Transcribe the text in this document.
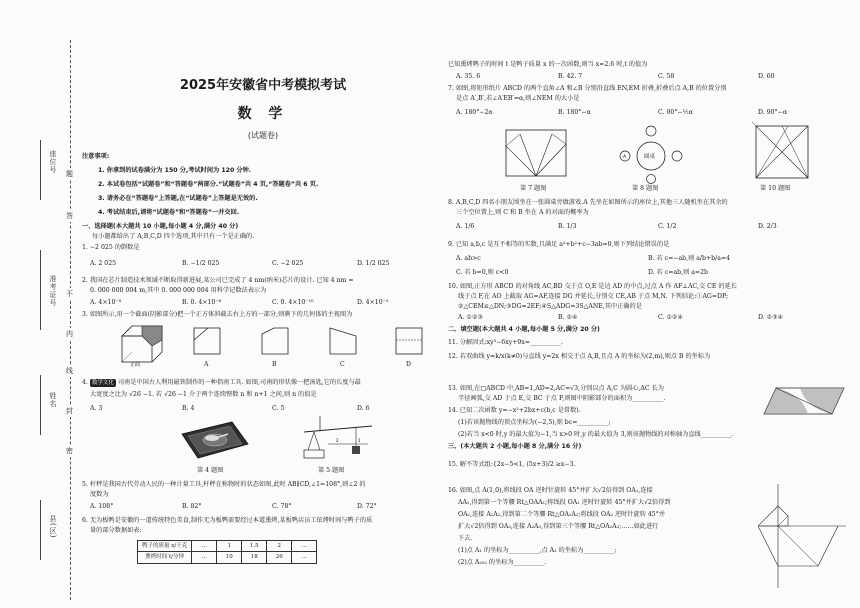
座位号
准考证号
姓名
县(区)
题
答
不
内
线
封
密
2025年安徽省中考模拟考试
数 学
(试题卷)
注意事项:
1. 你拿到的试卷满分为 150 分,考试时间为 120 分钟.
2. 本试卷包括“试题卷”和“答题卷”两部分.“试题卷”共 4 页,“答题卷”共 6 页.
3. 请务必在“答题卷”上答题,在“试题卷”上答题是无效的.
4. 考试结束后,请将“试题卷”和“答题卷”一并交回.
一、选择题(本大题共 10 小题,每小题 4 分,满分 40 分)
每小题都给出了 A,B,C,D 四个选项,其中只有一个是正确的.
1. −2 025 的倒数是
A. 2 025	B. −1/2 025	C. −2 025	D. 1/2 025
2. 我国在芯片制造技术领域不断取得新进展,某公司已完成了 4 nm(纳米)芯片的设计. 已知 4 nm =
0. 000 000 004 m,其中 0. 000 000 004 用科学记数法表示为
A. 4×10⁻⁸	B. 0. 4×10⁻⁸	C. 0. 4×10⁻¹⁰	D. 4×10⁻⁹
3. 如图所示,用一个截面(阴影部分)把一个正方体斜截去右上方的一部分,则剩下的几何体的主视图为
正面	A	B	C	D
4. 数学文化 司南是中国古人利用磁铁制作的一种指南工具. 如图,司南的形状像一把汤匙,它的长度与最
大宽度之比为 √26 −1. 若 √26 −1 介于两个连续整数 n 和 n+1 之间,则 n 的值是
A. 3	B. 4	C. 5	D. 6
第 4 题图
1
2
第 5 题图
5. 杆秤是我国古代劳动人民的一种计量工具,杆秤在称物时的状态如图,此时 AB∥CD,∠1=108°,则∠2 的
度数为
A. 108°	B. 82°	C. 78°	D. 72°
6. 无为板鸭是安徽的一道传统特色美食,制作无为板鸭需要经过本道熏烤,某板鸭店员工依烤时间与鸭子的质
量的部分数据如表:
鸭子的质量 x/千克	…	1	1.5	2	…
熏烤时间 t/分钟	…	10	18	26	…
已知熏烤鸭子的时间 t 是鸭子质量 x 的一次函数,则当 x=2.6 时,t 的值为
A. 35. 6	B. 42. 7	C. 58	D. 60
7. 如图,将矩形纸片 ABCD 的两个直角∠A 和∠B 分别沿直线 EN,EM 折叠,折叠后点 A,B 的位置分别
是点 A′,B′,若∠A′EB′=α,则∠NEM 的大小是
A. 180°−2α	B. 180°−α	C. 90°−½α	D. 90°−α
第 7 题图
A	圆桌
第 8 题图	第 10 题图
8. A,B,C,D 四名小朋友围坐在一张圆桌旁做游戏.A 先坐在如图所示的座位上,其他三人随机坐在其余的
三个空位置上,则 C 和 B 坐在 A 的对面的概率为
A. 1/6	B. 1/3	C. 1/2	D. 2/3
9. 已知 a,b,c 是互不相等的实数,且满足 a²+b²+c−3ab=0,则下列结论错误的是
A. ab>c	B. 若 c=−ab,则 a/b+b/a=4
C. 若 b=0,则 c<0	D. 若 c=ab,则 a=2b
10. 如图,正方形 ABCD 的对角线 AC,BD 交于点 O,E 是边 AD 的中点,过点 A 作 AF⊥AC,交 CE 的延长
线于点 F,在 AO 上截取 AG=AF,连接 DG 并延长,分别交 CE,AB 于点 M,N. 下列结论:①AG=DP;
②△CEM≌△DN;③DG=2EF;④S△ADG=3S△ANE,其中正确的是
A. ①②③	B. ②④	C. ①②④	D. ②③④
二、填空题(本大题共 4 小题,每小题 5 分,满分 20 分)
11. 分解因式:xy³−6xy+9x=__________.
12. 若双曲线 y=k/x(k≠0)与直线 y=2x 相交于点 A,B,且点 A 的坐标为(2,m),则点 B 的坐标为
13. 如图,在□ABCD 中,AB=1,AD=2,AC=√3,分别以点 A,C 为圆心,AC 长为
半径画弧,交 AD 于点 E,交 BC 于点 F,则图中阴影部分的面积为__________.
14. 已知二次函数 y=−x²+2bx+c(b,c 是常数).
(1)若该抛物线的顶点坐标为(−2,5),则 bc=__________;
(2)若当 x<0 时,y 的最大值为−1,当 x>0 时,y 的最大值为 3,则该抛物线的对称轴为直线__________.
三、(本大题共 2 小题,每小题 8 分,满分 16 分)
15. 解不等式组:{2x−5<1, (5x+3)/2 ≥x−3.
16. 如图,点 A(1,0),将线段 OA 逆时针旋转 45°并扩大√2倍得到 OA₁,连接
AA₁,得到第一个等腰 Rt△OAA₁;将线段 OA₁ 逆时针旋转 45°并扩大√2倍得到
OA₂,连接 A₁A₂,得到第二个等腰 Rt△OA₁A₂;将线段 OA₂ 逆时针旋转 45°并
扩大√2倍得到 OA₃,连接 A₂A₃,得到第三个等腰 Rt△OA₂A₃;……如此进行
下去.
(1)点 A₁ 的坐标为__________,点 A₂ 的坐标为__________;
(2)点 A₂₀₂ 的坐标为__________.
